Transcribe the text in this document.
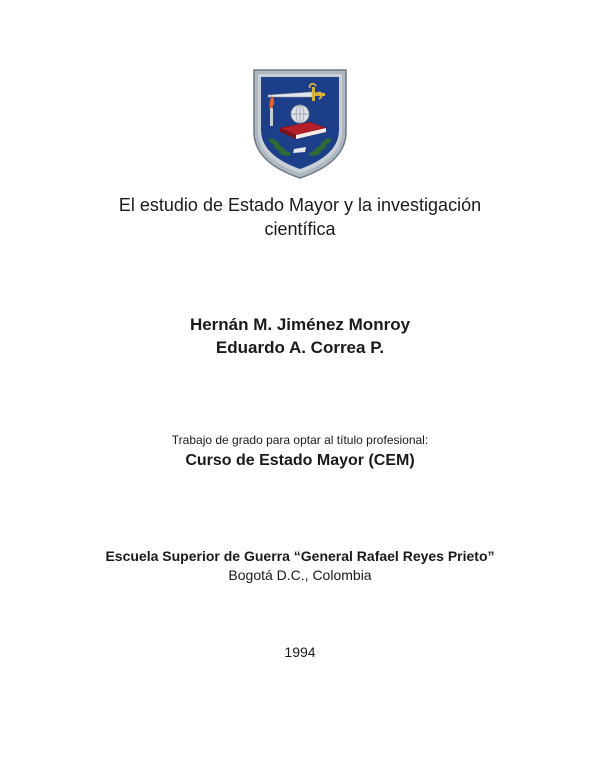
El estudio de Estado Mayor y la investigación
científica
Hernán M. Jiménez Monroy
Eduardo A. Correa P.
Trabajo de grado para optar al título profesional:
Curso de Estado Mayor (CEM)
Escuela Superior de Guerra “General Rafael Reyes Prieto”
Bogotá D.C., Colombia
1994
